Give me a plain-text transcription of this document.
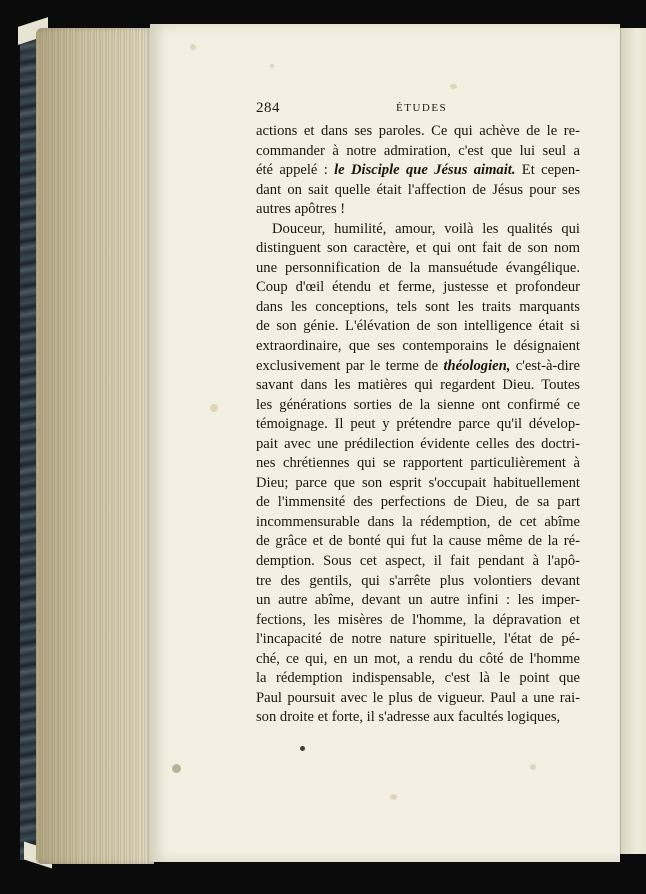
284	ÉTUDES
actions et dans ses paroles. Ce qui achève de le re-
commander à notre admiration, c'est que lui seul a
été appelé : le Disciple que Jésus aimait. Et cepen-
dant on sait quelle était l'affection de Jésus pour ses
autres apôtres !
Douceur, humilité, amour, voilà les qualités qui
distinguent son caractère, et qui ont fait de son nom
une personnification de la mansuétude évangélique.
Coup d'œil étendu et ferme, justesse et profondeur
dans les conceptions, tels sont les traits marquants
de son génie. L'élévation de son intelligence était si
extraordinaire, que ses contemporains le désignaient
exclusivement par le terme de théologien, c'est-à-dire
savant dans les matières qui regardent Dieu. Toutes
les générations sorties de la sienne ont confirmé ce
témoignage. Il peut y prétendre parce qu'il dévelop-
pait avec une prédilection évidente celles des doctri-
nes chrétiennes qui se rapportent particulièrement à
Dieu; parce que son esprit s'occupait habituellement
de l'immensité des perfections de Dieu, de sa part
incommensurable dans la rédemption, de cet abîme
de grâce et de bonté qui fut la cause même de la ré-
demption. Sous cet aspect, il fait pendant à l'apô-
tre des gentils, qui s'arrête plus volontiers devant
un autre abîme, devant un autre infini : les imper-
fections, les misères de l'homme, la dépravation et
l'incapacité de notre nature spirituelle, l'état de pé-
ché, ce qui, en un mot, a rendu du côté de l'homme
la rédemption indispensable, c'est là le point que
Paul poursuit avec le plus de vigueur. Paul a une rai-
son droite et forte, il s'adresse aux facultés logiques,
